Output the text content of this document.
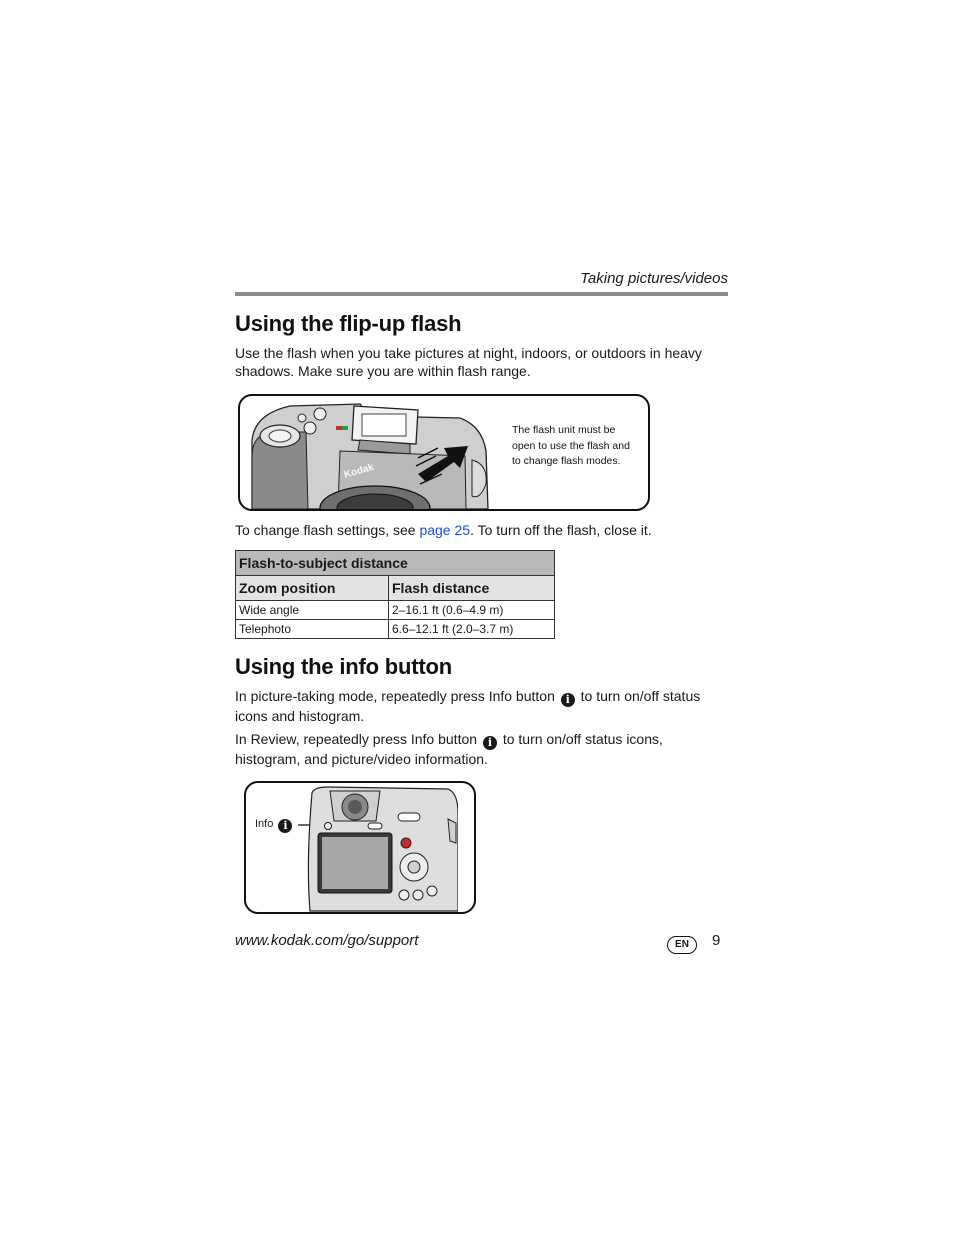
Taking pictures/videos
Using the flip-up flash

Use the flash when you take pictures at night, indoors, or outdoors in heavy shadows. Make sure you are within flash range.

Kodak
The flash unit must be open to use the flash and to change flash modes.

To change flash settings, see page 25. To turn off the flash, close it.

Flash-to-subject distance	
Zoom position	Flash distance
Wide angle	2–16.1 ft (0.6–4.9 m)
Telephoto	6.6–12.1 ft (2.0–3.7 m)
Using the info button

In picture-taking mode, repeatedly press Info button i to turn on/off status icons and histogram.

In Review, repeatedly press Info button i to turn on/off status icons, histogram, and picture/video information.

Info i
www.kodak.com/go/support	EN	9
